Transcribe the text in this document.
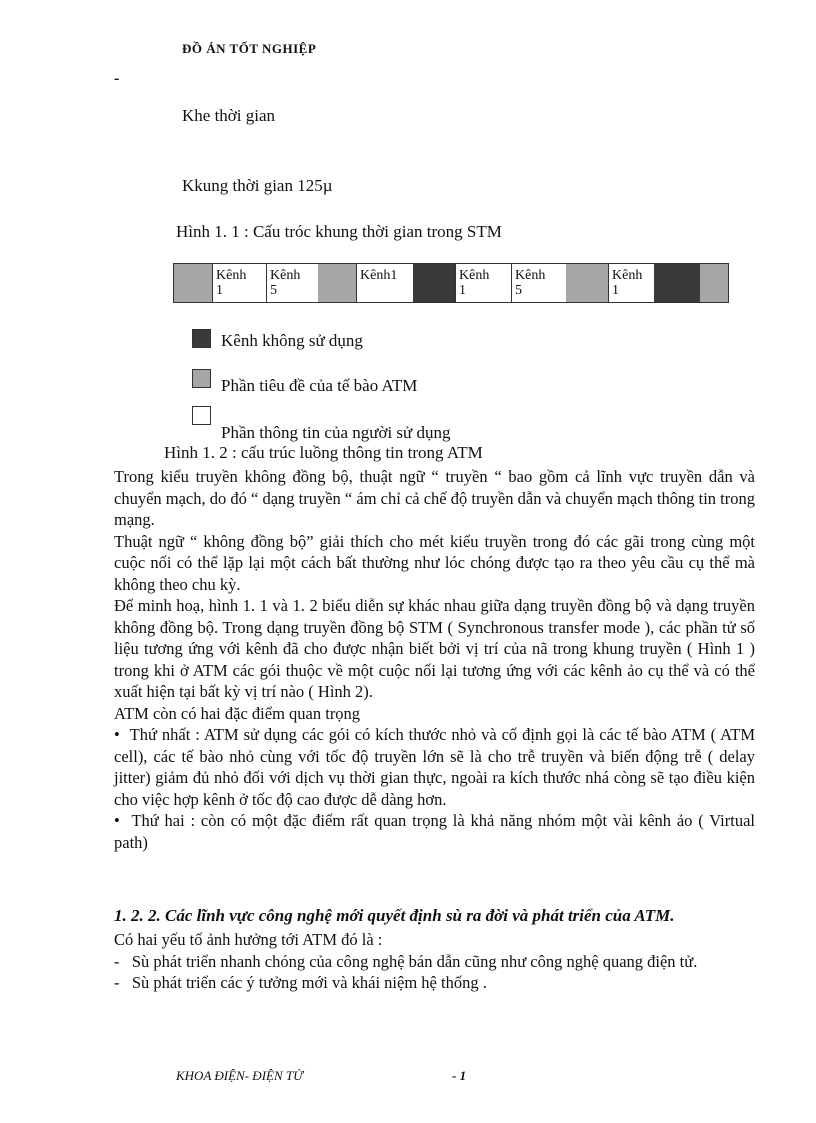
ĐỒ ÁN TỐT NGHIỆP
-
Khe thời gian
Kkung thời gian 125µ
Hình 1. 1 : Cấu tróc khung thời gian trong STM
Kênh
1
Kênh
5
Kênh1	Kênh
1
Kênh
5
Kênh
1
Kênh không sử dụng
Phần tiêu đề của tế bào ATM
Phần thông tin của người sử dụng
Hình 1. 2 : cấu trúc luồng thông tin trong ATM

Trong kiểu truyền không đồng bộ, thuật ngữ “ truyền “ bao gồm cả lĩnh vực truyền dẫn và chuyển mạch, do đó “ dạng truyền “ ám chỉ cả chế độ truyền dẫn và chuyển mạch thông tin trong mạng.

Thuật ngữ “ không đồng bộ” giải thích cho mét kiểu truyền trong đó các gãi trong cùng một cuộc nối có thể lặp lại một cách bất thường như lóc chóng được tạo ra theo yêu cầu cụ thể mà không theo chu kỳ.

Để minh hoạ, hình 1. 1 và 1. 2 biểu diễn sự khác nhau giữa dạng truyền đồng bộ và dạng truyền không đồng bộ. Trong dạng truyền đồng bộ STM ( Synchronous transfer mode ), các phần tử số liệu tương ứng với kênh đã cho được nhận biết bởi vị trí của nã trong khung truyền ( Hình 1 ) trong khi ở ATM các gói thuộc về một cuộc nối lại tương ứng với các kênh ảo cụ thể và có thể xuất hiện tại bất kỳ vị trí nào ( Hình 2).

ATM còn có hai đặc điểm quan trọng

• Thứ nhất : ATM sử dụng các gói có kích thước nhỏ và cố định gọi là các tế bào ATM ( ATM cell), các tế bào nhỏ cùng với tốc độ truyền lớn sẽ là cho trễ truyền và biến động trễ ( delay jitter) giảm đủ nhỏ đối với dịch vụ thời gian thực, ngoài ra kích thước nhá còng sẽ tạo điều kiện cho việc hợp kênh ở tốc độ cao được dễ dàng hơn.

• Thứ hai : còn có một đặc điểm rất quan trọng là khả năng nhóm một vài kênh ảo ( Virtual path)

1. 2. 2. Các lĩnh vực công nghệ mới quyết định sù ra đời và phát triển của ATM.

Có hai yếu tố ảnh hưởng tới ATM đó là :

- Sù phát triển nhanh chóng của công nghệ bán dẫn cũng như công nghệ quang điện tử.

- Sù phát triển các ý tưởng mới và khái niệm hệ thống .

KHOA ĐIỆN- ĐIỆN TỬ	- 1
